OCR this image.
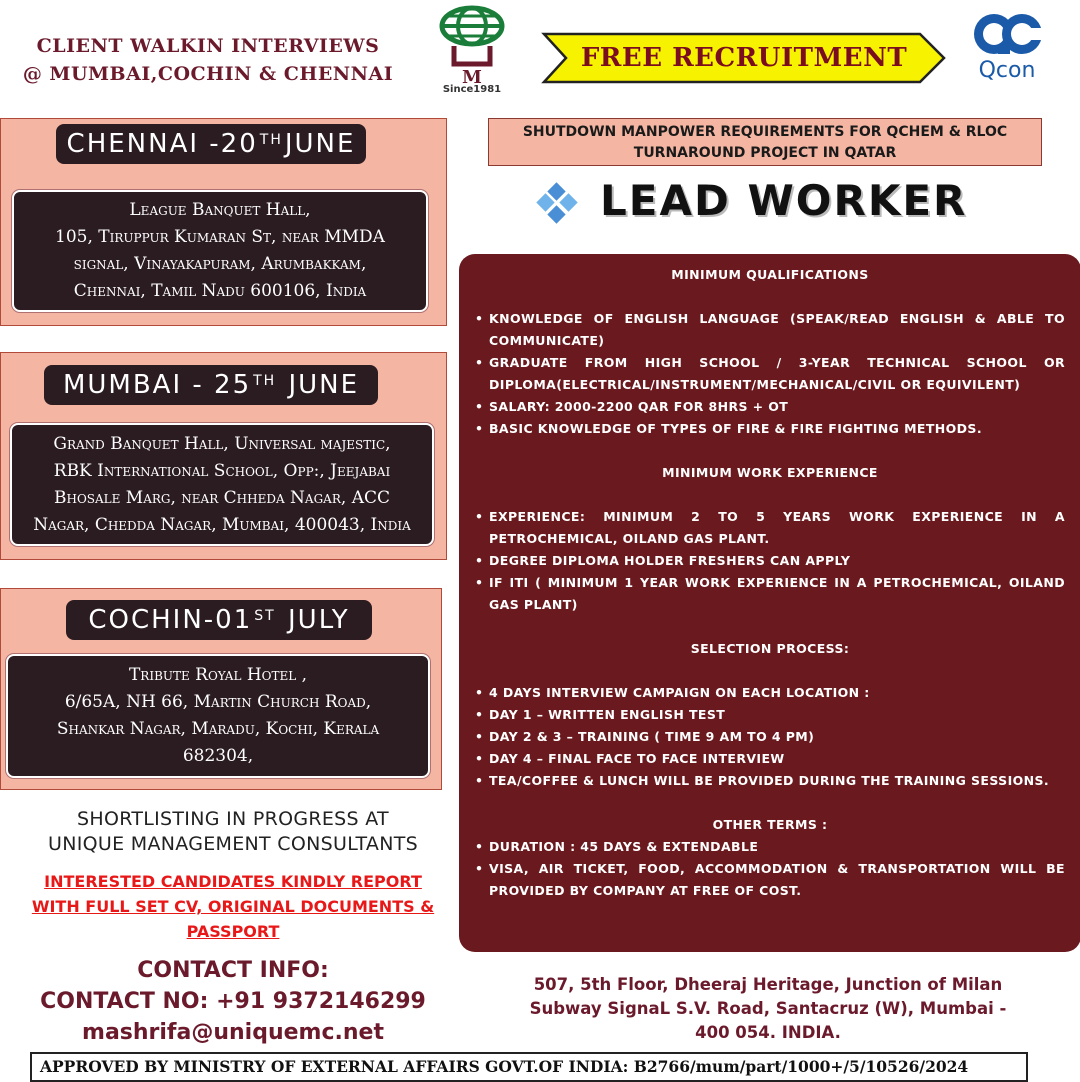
CLIENT WALKIN INTERVIEWS
@ MUMBAI,COCHIN & CHENNAI	M
Since1981
FREE RECRUITMENT	Qcon
CHENNAI -20 $^{TH}$JUNE
League Banquet Hall,
105, Tiruppur Kumaran St, near MMDA
signal, Vinayakapuram, Arumbakkam,
Chennai, Tamil Nadu 600106, India
MUMBAI - 25 $^{TH}$ JUNE
Grand Banquet Hall, Universal majestic,
RBK International School, Opp:, Jeejabai
Bhosale Marg, near Chheda Nagar, ACC
Nagar, Chedda Nagar, Mumbai, 400043, India
COCHIN-01 $^{ST}$ JULY
Tribute Royal Hotel ,
6/65A, NH 66, Martin Church Road,
Shankar Nagar, Maradu, Kochi, Kerala
682304,
SHORTLISTING IN PROGRESS AT
UNIQUE MANAGEMENT CONSULTANTS
INTERESTED CANDIDATES KINDLY REPORT
WITH FULL SET CV, ORIGINAL DOCUMENTS &
PASSPORT
CONTACT INFO:
CONTACT NO: +91 9372146299
mashrifa@uniquemc.net
SHUTDOWN MANPOWER REQUIREMENTS FOR QCHEM & RLOC
TURNAROUND PROJECT IN QATAR
LEAD WORKER
MINIMUM QUALIFICATIONS
• KNOWLEDGE OF ENGLISH LANGUAGE (SPEAK/READ ENGLISH & ABLE TO COMMUNICATE)
• GRADUATE FROM HIGH SCHOOL / 3-YEAR TECHNICAL SCHOOL OR DIPLOMA(ELECTRICAL/INSTRUMENT/MECHANICAL/CIVIL OR EQUIVILENT)
• SALARY: 2000-2200 QAR FOR 8HRS + OT
• BASIC KNOWLEDGE OF TYPES OF FIRE & FIRE FIGHTING METHODS.
MINIMUM WORK EXPERIENCE
• EXPERIENCE: MINIMUM 2 TO 5 YEARS WORK EXPERIENCE IN A PETROCHEMICAL, OILAND GAS PLANT.
• DEGREE DIPLOMA HOLDER FRESHERS CAN APPLY
• IF ITI ( MINIMUM 1 YEAR WORK EXPERIENCE IN A PETROCHEMICAL, OILAND GAS PLANT)
SELECTION PROCESS:
• 4 DAYS INTERVIEW CAMPAIGN ON EACH LOCATION :
• DAY 1 – WRITTEN ENGLISH TEST
• DAY 2 & 3 – TRAINING ( TIME 9 AM TO 4 PM)
• DAY 4 – FINAL FACE TO FACE INTERVIEW
• TEA/COFFEE & LUNCH WILL BE PROVIDED DURING THE TRAINING SESSIONS.
OTHER TERMS :
• DURATION : 45 DAYS & EXTENDABLE
• VISA, AIR TICKET, FOOD, ACCOMMODATION & TRANSPORTATION WILL BE PROVIDED BY COMPANY AT FREE OF COST.
507, 5th Floor, Dheeraj Heritage, Junction of Milan
Subway SignaL S.V. Road, Santacruz (W), Mumbai -
400 054. INDIA.
APPROVED BY MINISTRY OF EXTERNAL AFFAIRS GOVT.OF INDIA: B2766/mum/part/1000+/5/10526/2024
